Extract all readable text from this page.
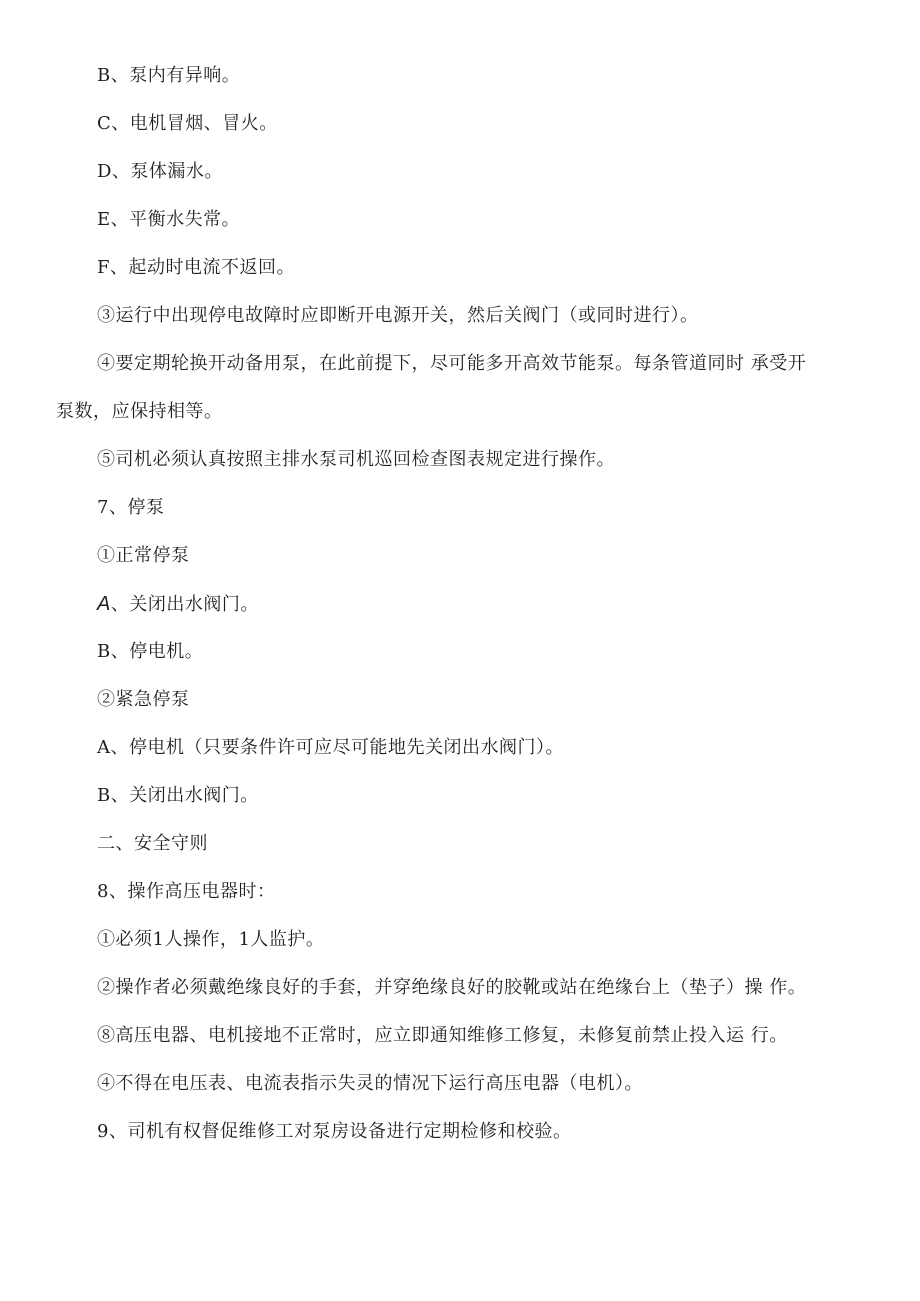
B、泵内有异响。
C、电机冒烟、冒火。
D、泵体漏水。
E、平衡水失常。
F、起动时电流不返回。
③运行中出现停电故障时应即断开电源开关，然后关阀门（或同时进行）。
④要定期轮换开动备用泵，在此前提下，尽可能多开高效节能泵。每条管道同时 承受开
泵数，应保持相等。
⑤司机必须认真按照主排水泵司机巡回检查图表规定进行操作。
7、停泵
①正常停泵
A、关闭出水阀门。
B、停电机。
②紧急停泵
A、停电机（只要条件许可应尽可能地先关闭出水阀门）。
B、关闭出水阀门。
二、安全守则
8、操作高压电器时：
①必须1人操作，1人监护。
②操作者必须戴绝缘良好的手套，并穿绝缘良好的胶靴或站在绝缘台上（垫子）操 作。
⑧高压电器、电机接地不正常时，应立即通知维修工修复，未修复前禁止投入运 行。
④不得在电压表、电流表指示失灵的情况下运行高压电器（电机）。
9、司机有权督促维修工对泵房设备进行定期检修和校验。
